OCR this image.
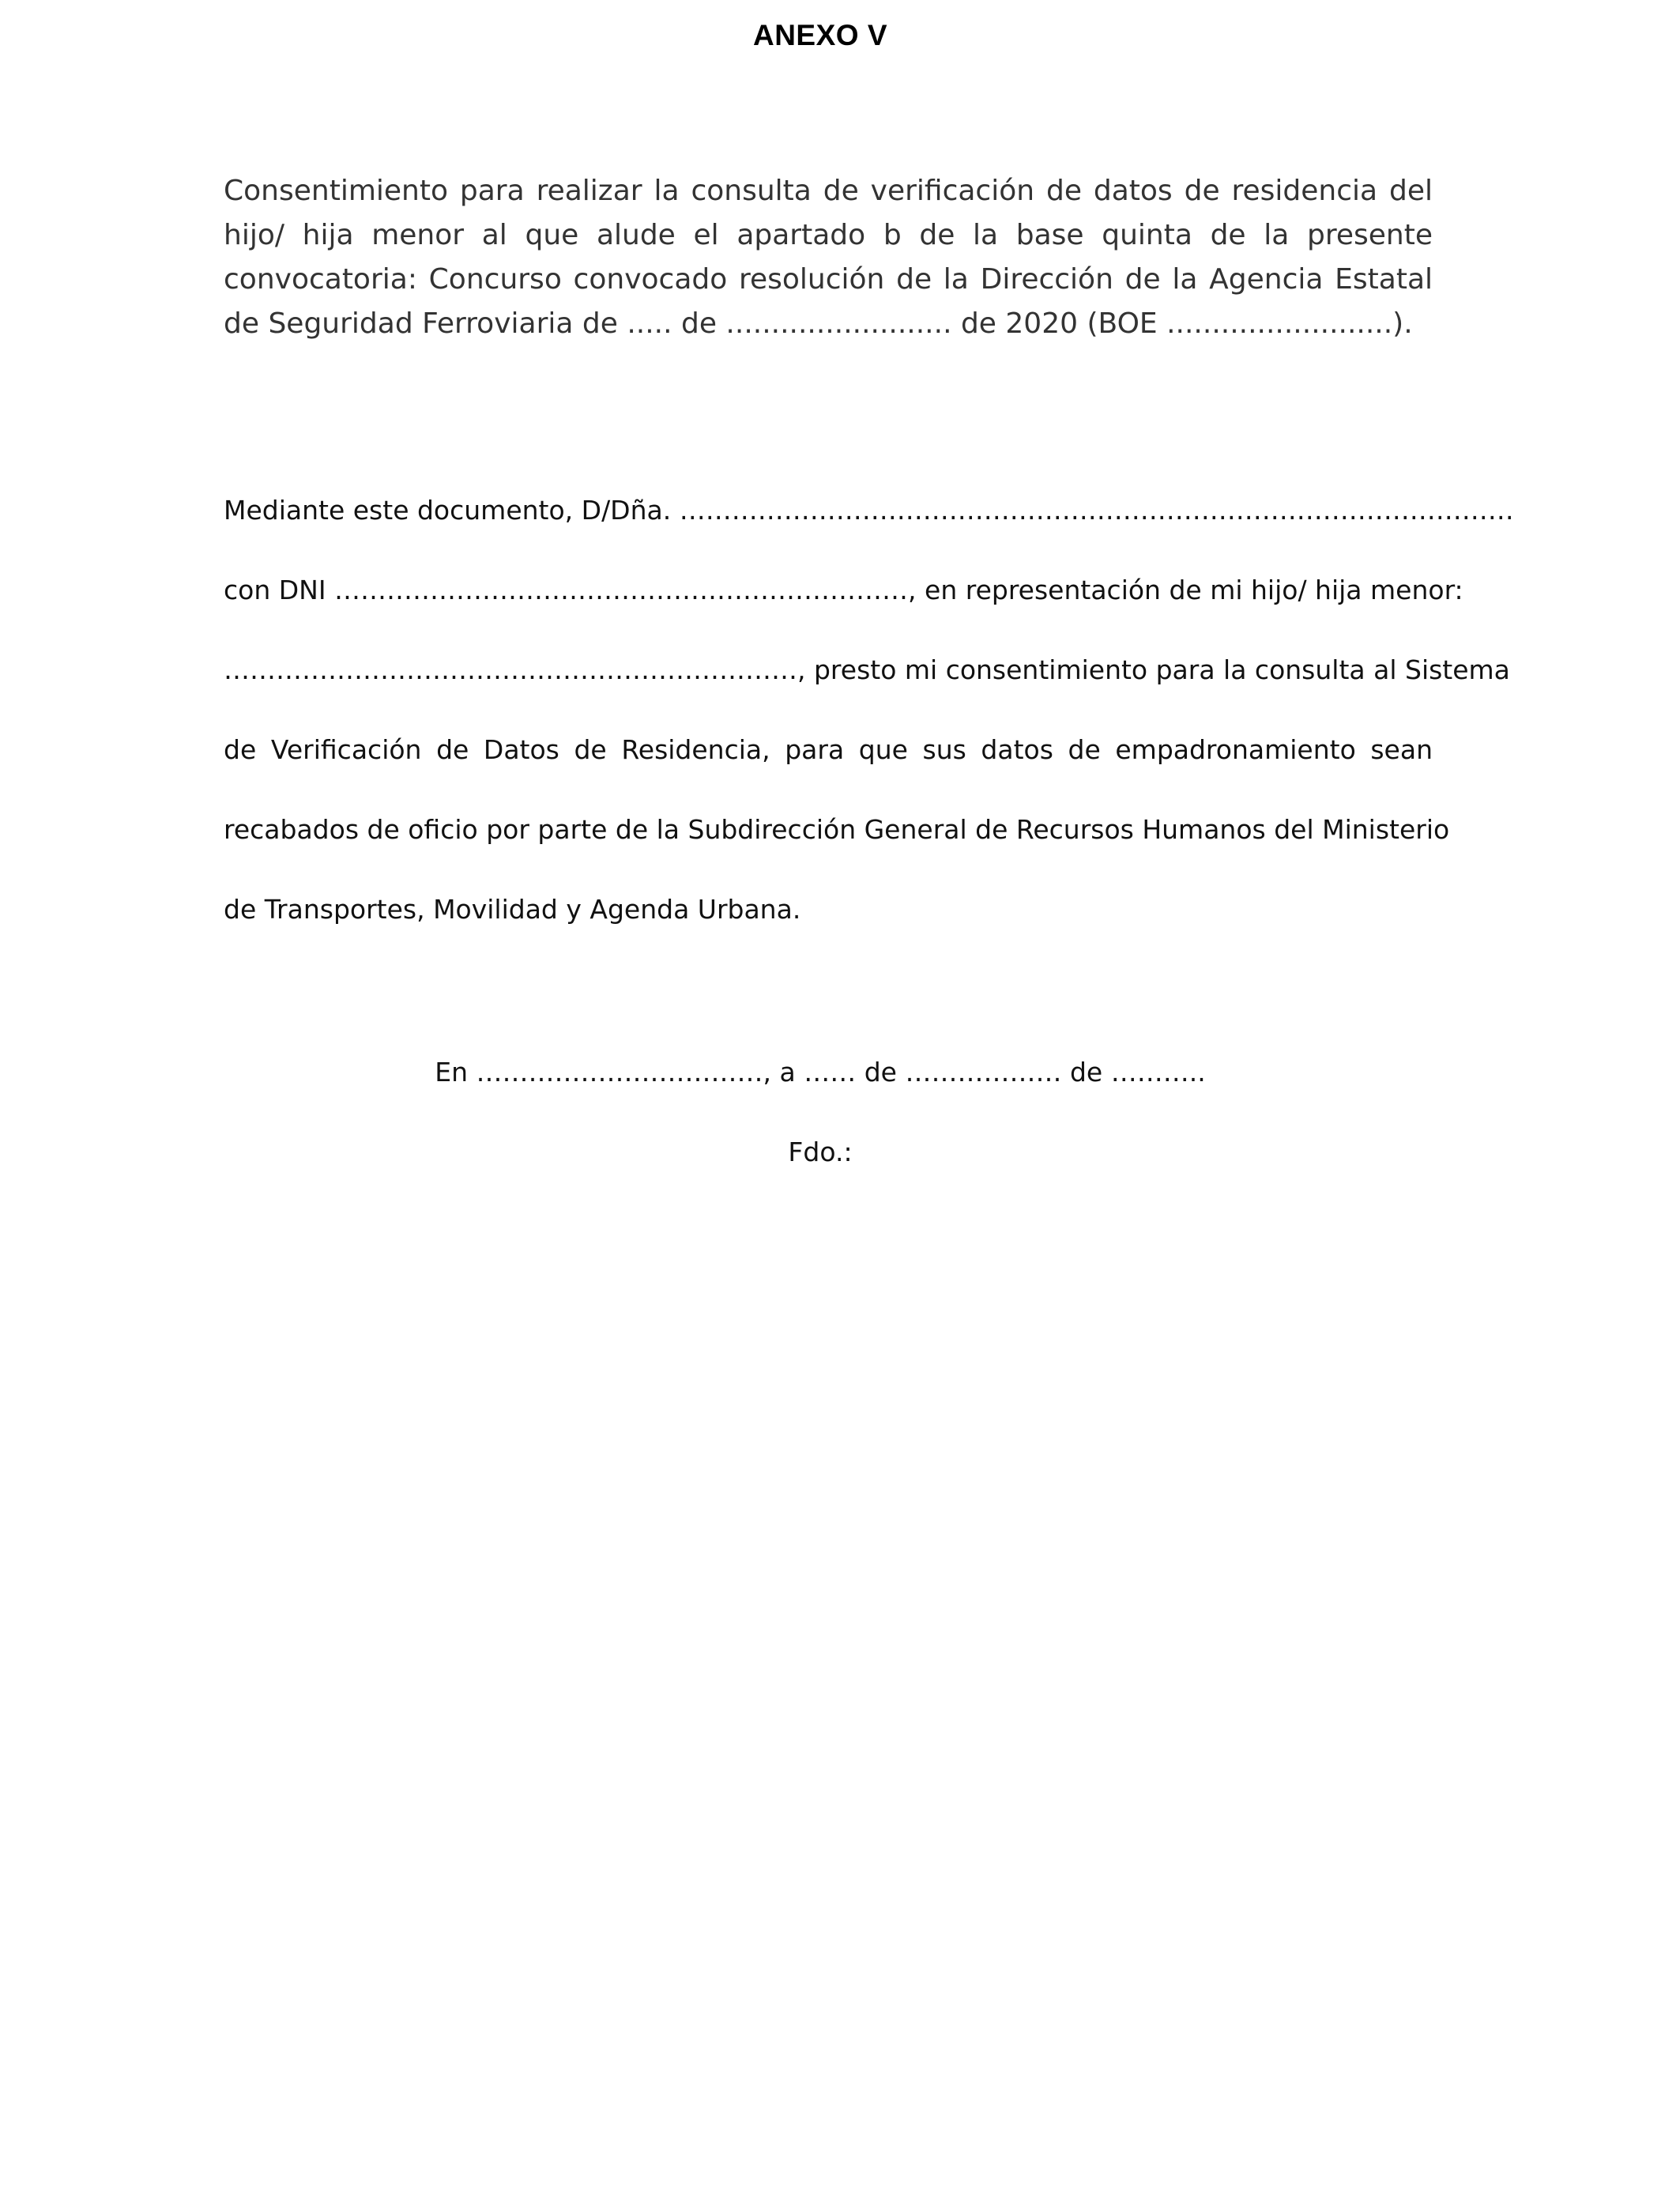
ANEXO V
Consentimiento para realizar la consulta de verificación de datos de residencia del
hijo/ hija menor al que alude el apartado b de la base quinta de la presente
convocatoria: Concurso convocado resolución de la Dirección de la Agencia Estatal
de Seguridad Ferroviaria de ..... de ......................... de 2020 (BOE .........................).
Mediante este documento, D/Dña. ……………………………………………………………………………………
con DNI …………………………………………………………, en representación de mi hijo/ hija menor:
…………………………………………………………, presto mi consentimiento para la consulta al Sistema
de Verificación de Datos de Residencia, para que sus datos de empadronamiento sean
recabados de oficio por parte de la Subdirección General de Recursos Humanos del Ministerio
de Transportes, Movilidad y Agenda Urbana.
En ……………………………, a …… de ……………… de ………..
Fdo.:
